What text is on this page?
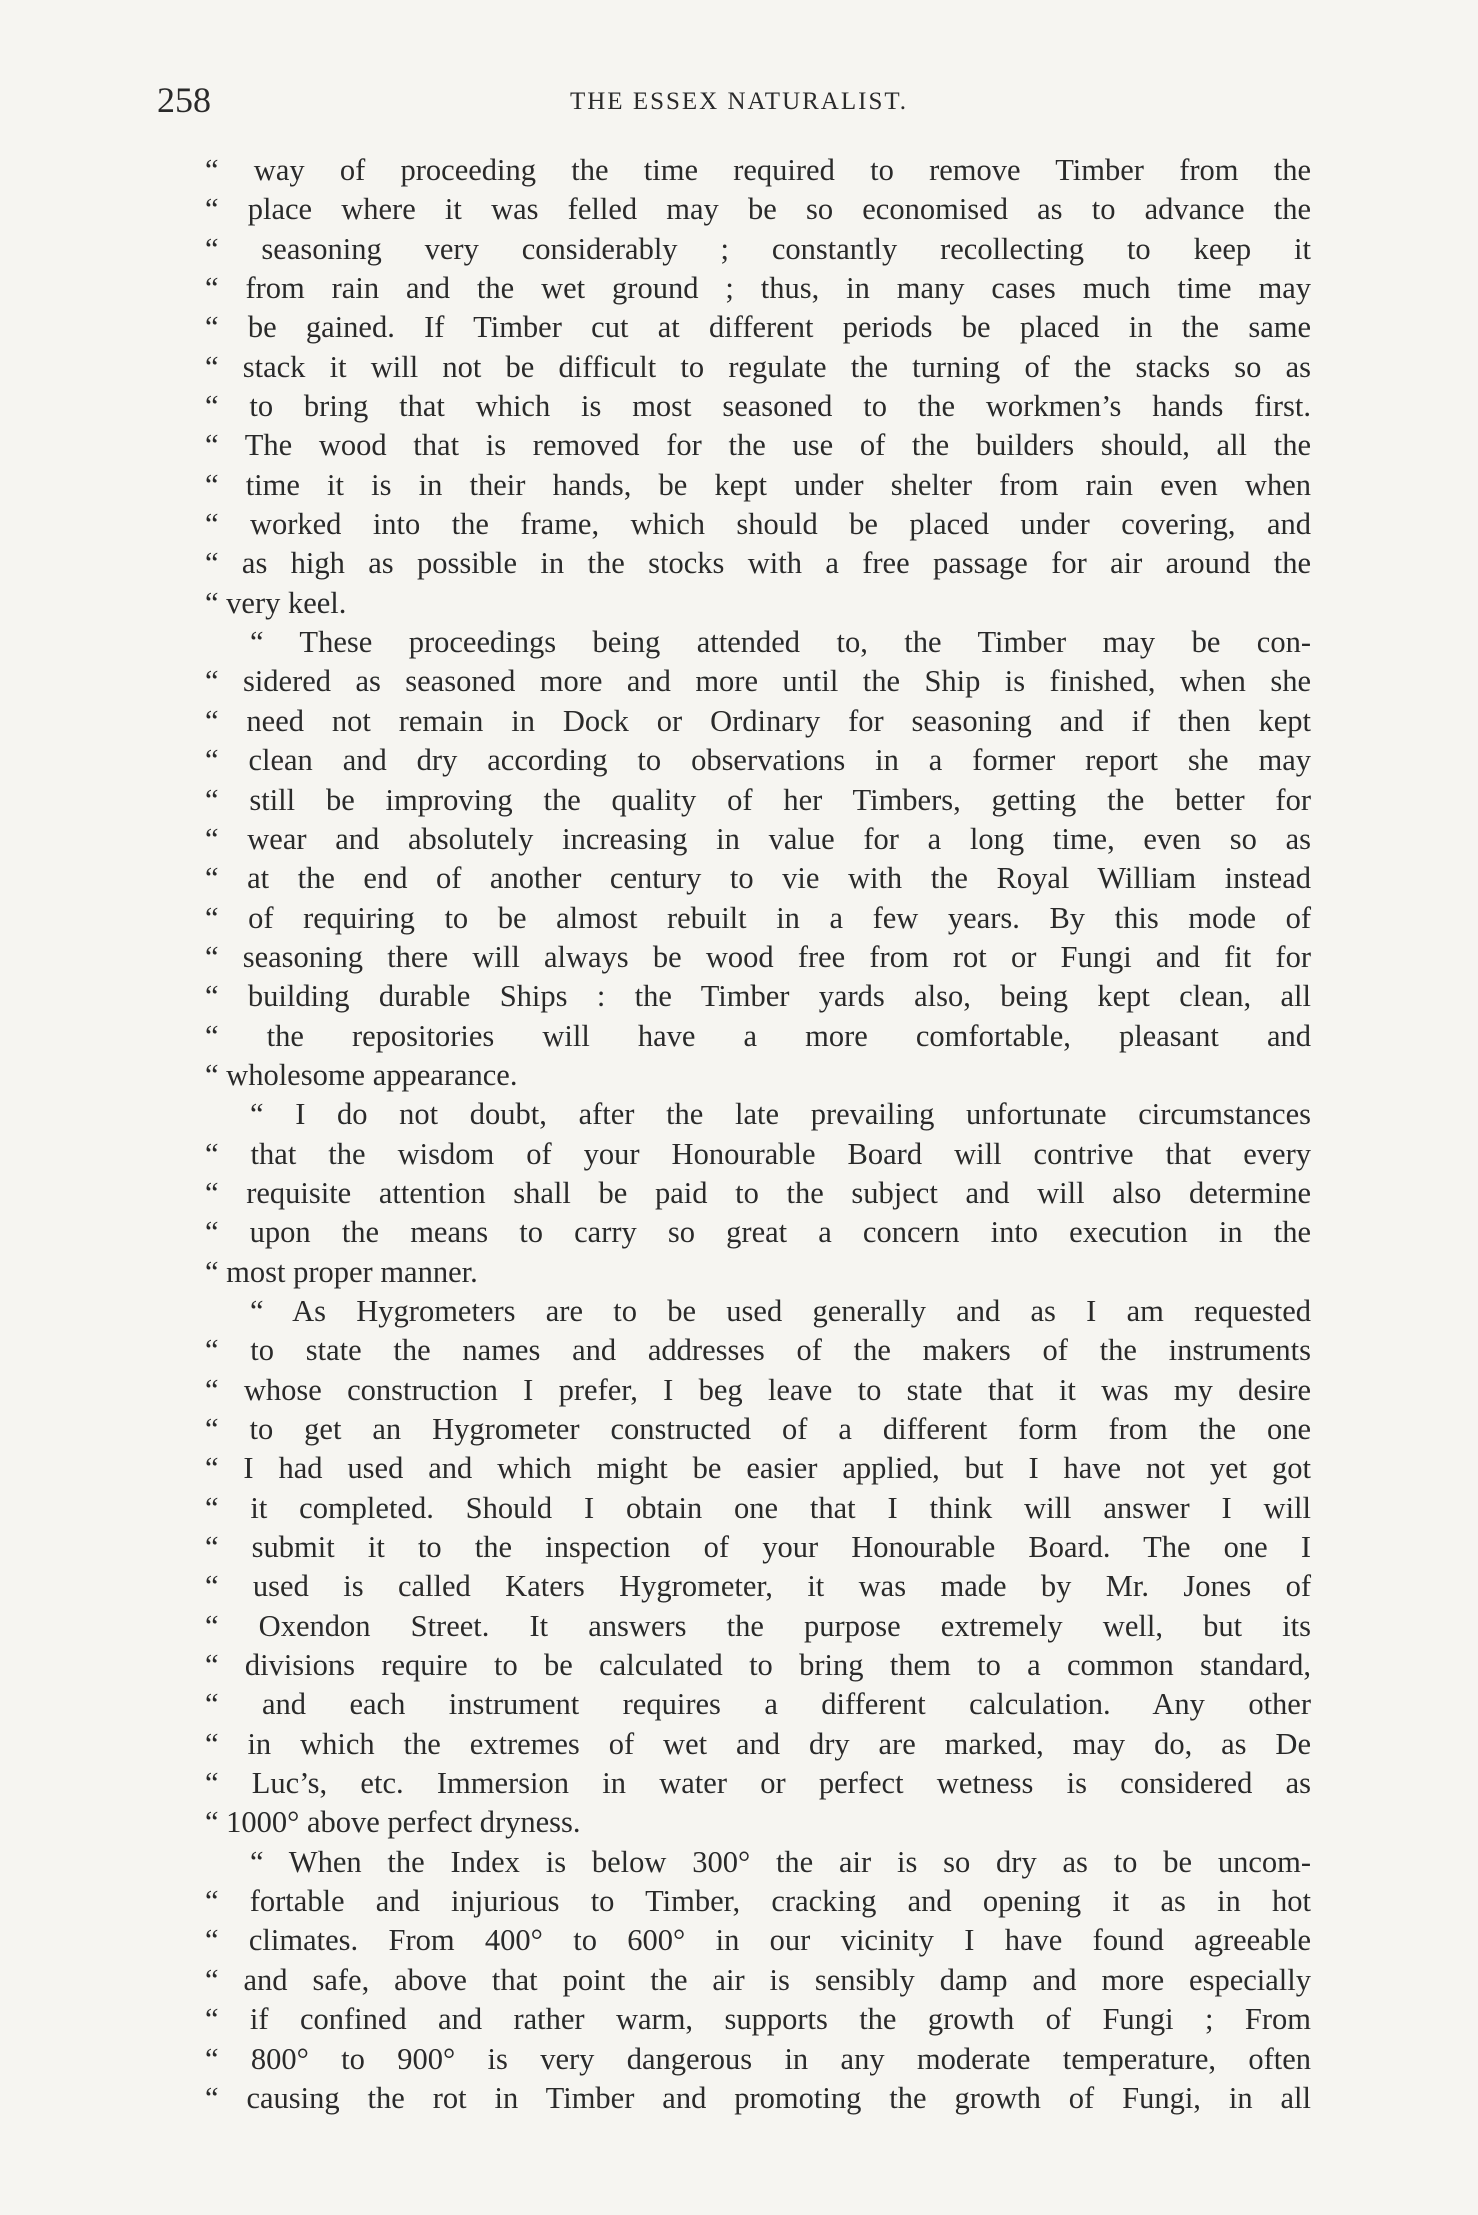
258	THE ESSEX NATURALIST.
“ way of proceeding the time required to remove Timber from the
“ place where it was felled may be so economised as to advance the
“ seasoning very considerably ; constantly recollecting to keep it
“ from rain and the wet ground ; thus, in many cases much time may
“ be gained. If Timber cut at different periods be placed in the same
“ stack it will not be difficult to regulate the turning of the stacks so as
“ to bring that which is most seasoned to the workmen’s hands first.
“ The wood that is removed for the use of the builders should, all the
“ time it is in their hands, be kept under shelter from rain even when
“ worked into the frame, which should be placed under covering, and
“ as high as possible in the stocks with a free passage for air around the
“ very keel.
“ These proceedings being attended to, the Timber may be con-
“ sidered as seasoned more and more until the Ship is finished, when she
“ need not remain in Dock or Ordinary for seasoning and if then kept
“ clean and dry according to observations in a former report she may
“ still be improving the quality of her Timbers, getting the better for
“ wear and absolutely increasing in value for a long time, even so as
“ at the end of another century to vie with the Royal William instead
“ of requiring to be almost rebuilt in a few years. By this mode of
“ seasoning there will always be wood free from rot or Fungi and fit for
“ building durable Ships : the Timber yards also, being kept clean, all
“ the repositories will have a more comfortable, pleasant and
“ wholesome appearance.
“ I do not doubt, after the late prevailing unfortunate circumstances
“ that the wisdom of your Honourable Board will contrive that every
“ requisite attention shall be paid to the subject and will also determine
“ upon the means to carry so great a concern into execution in the
“ most proper manner.
“ As Hygrometers are to be used generally and as I am requested
“ to state the names and addresses of the makers of the instruments
“ whose construction I prefer, I beg leave to state that it was my desire
“ to get an Hygrometer constructed of a different form from the one
“ I had used and which might be easier applied, but I have not yet got
“ it completed. Should I obtain one that I think will answer I will
“ submit it to the inspection of your Honourable Board. The one I
“ used is called Katers Hygrometer, it was made by Mr. Jones of
“ Oxendon Street. It answers the purpose extremely well, but its
“ divisions require to be calculated to bring them to a common standard,
“ and each instrument requires a different calculation. Any other
“ in which the extremes of wet and dry are marked, may do, as De
“ Luc’s, etc. Immersion in water or perfect wetness is considered as
“ 1000° above perfect dryness.
“ When the Index is below 300° the air is so dry as to be uncom-
“ fortable and injurious to Timber, cracking and opening it as in hot
“ climates. From 400° to 600° in our vicinity I have found agreeable
“ and safe, above that point the air is sensibly damp and more especially
“ if confined and rather warm, supports the growth of Fungi ; From
“ 800° to 900° is very dangerous in any moderate temperature, often
“ causing the rot in Timber and promoting the growth of Fungi, in all
